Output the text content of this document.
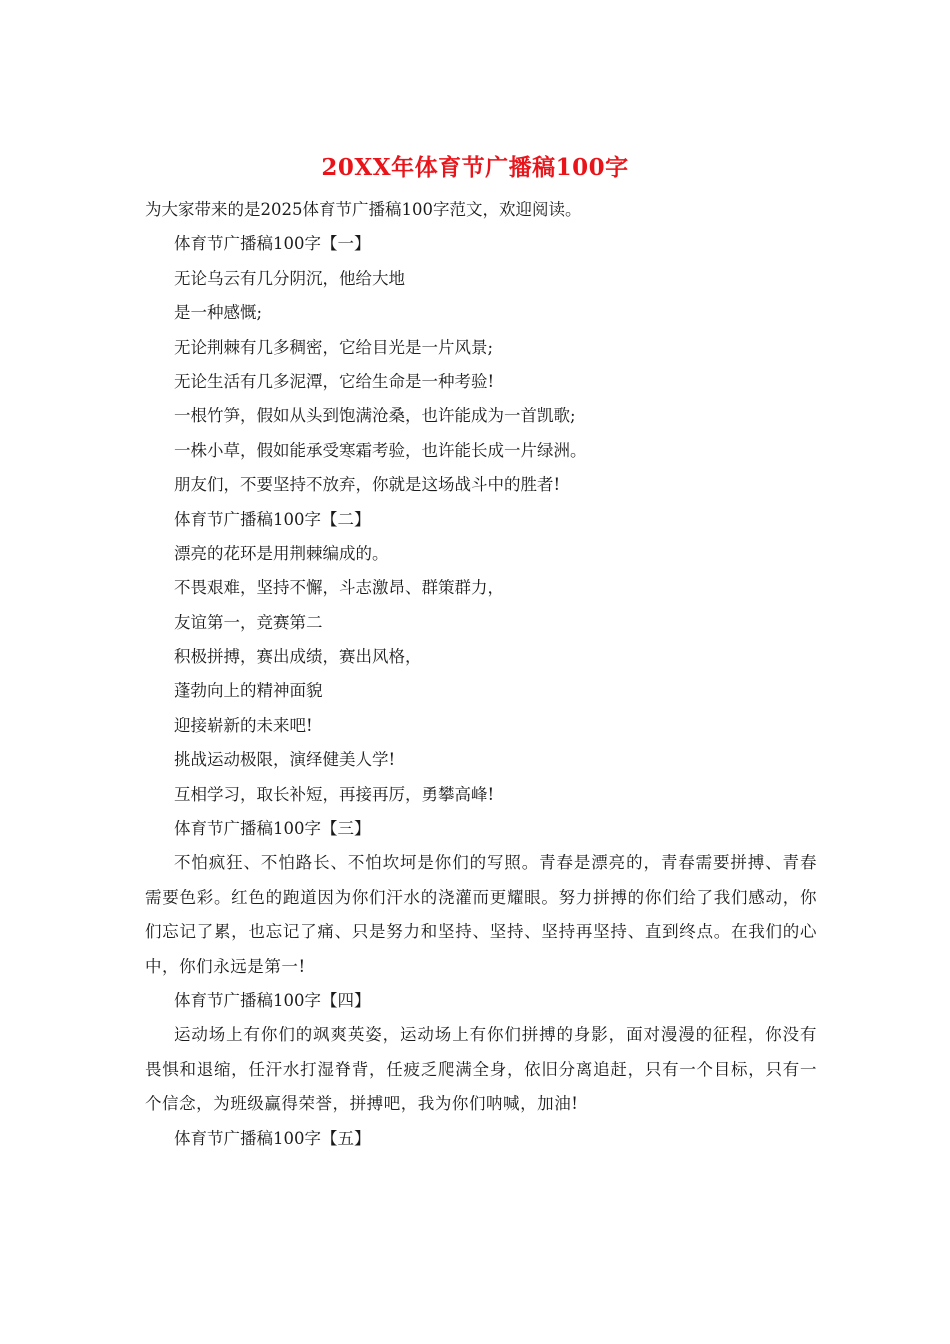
20XX年体育节广播稿100字
为大家带来的是2025体育节广播稿100字范文，欢迎阅读。
体育节广播稿100字【一】
无论乌云有几分阴沉，他给大地
是一种感慨;
无论荆棘有几多稠密，它给目光是一片风景;
无论生活有几多泥潭，它给生命是一种考验!
一根竹笋，假如从头到饱满沧桑，也许能成为一首凯歌;
一株小草，假如能承受寒霜考验，也许能长成一片绿洲。
朋友们，不要坚持不放弃，你就是这场战斗中的胜者!
体育节广播稿100字【二】
漂亮的花环是用荆棘编成的。
不畏艰难，坚持不懈，斗志激昂、群策群力，
友谊第一，竞赛第二
积极拼搏，赛出成绩，赛出风格，
蓬勃向上的精神面貌
迎接崭新的未来吧!
挑战运动极限，演绎健美人学!
互相学习，取长补短，再接再厉，勇攀高峰!
体育节广播稿100字【三】

不怕疯狂、不怕路长、不怕坎坷是你们的写照。青春是漂亮的，青春需要拼搏、青春需要色彩。红色的跑道因为你们汗水的浇灌而更耀眼。努力拼搏的你们给了我们感动，你们忘记了累，也忘记了痛、只是努力和坚持、坚持、坚持再坚持、直到终点。在我们的心中，你们永远是第一!

体育节广播稿100字【四】

运动场上有你们的飒爽英姿，运动场上有你们拼搏的身影，面对漫漫的征程，你没有畏惧和退缩，任汗水打湿脊背，任疲乏爬满全身，依旧分离追赶，只有一个目标，只有一个信念，为班级赢得荣誉，拼搏吧，我为你们呐喊，加油!

体育节广播稿100字【五】
